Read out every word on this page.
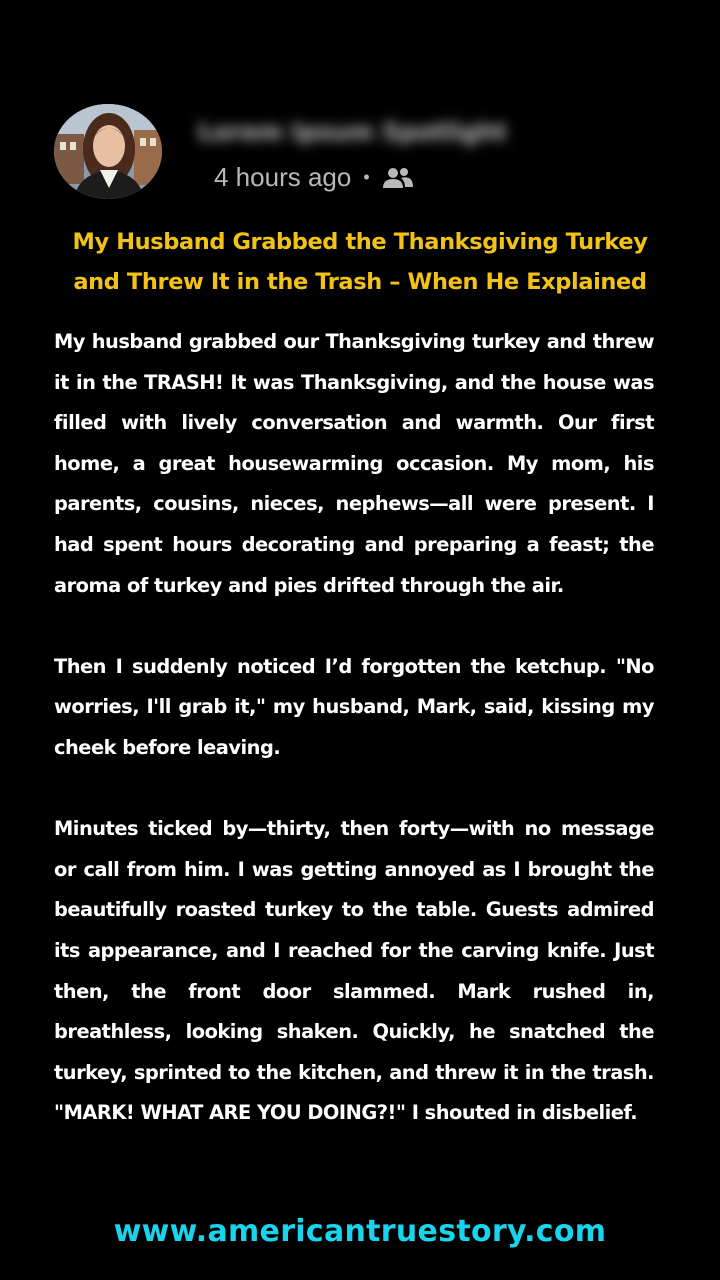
Lorem Ipsum Spotlight
4 hours ago •
My Husband Grabbed the Thanksgiving Turkey
and Threw It in the Trash – When He Explained

My husband grabbed our Thanksgiving turkey and threw it in the TRASH! It was Thanksgiving, and the house was filled with lively conversation and warmth. Our first home, a great housewarming occasion. My mom, his parents, cousins, nieces, nephews—all were present. I had spent hours decorating and preparing a feast; the aroma of turkey and pies drifted through the air.

Then I suddenly noticed I’d forgotten the ketchup. "No worries, I'll grab it," my husband, Mark, said, kissing my cheek before leaving.

Minutes ticked by—thirty, then forty—with no message or call from him. I was getting annoyed as I brought the beautifully roasted turkey to the table. Guests admired its appearance, and I reached for the carving knife. Just then, the front door slammed. Mark rushed in, breathless, looking shaken. Quickly, he snatched the turkey, sprinted to the kitchen, and threw it in the trash. "MARK! WHAT ARE YOU DOING?!" I shouted in disbelief.

www.americantruestory.com
